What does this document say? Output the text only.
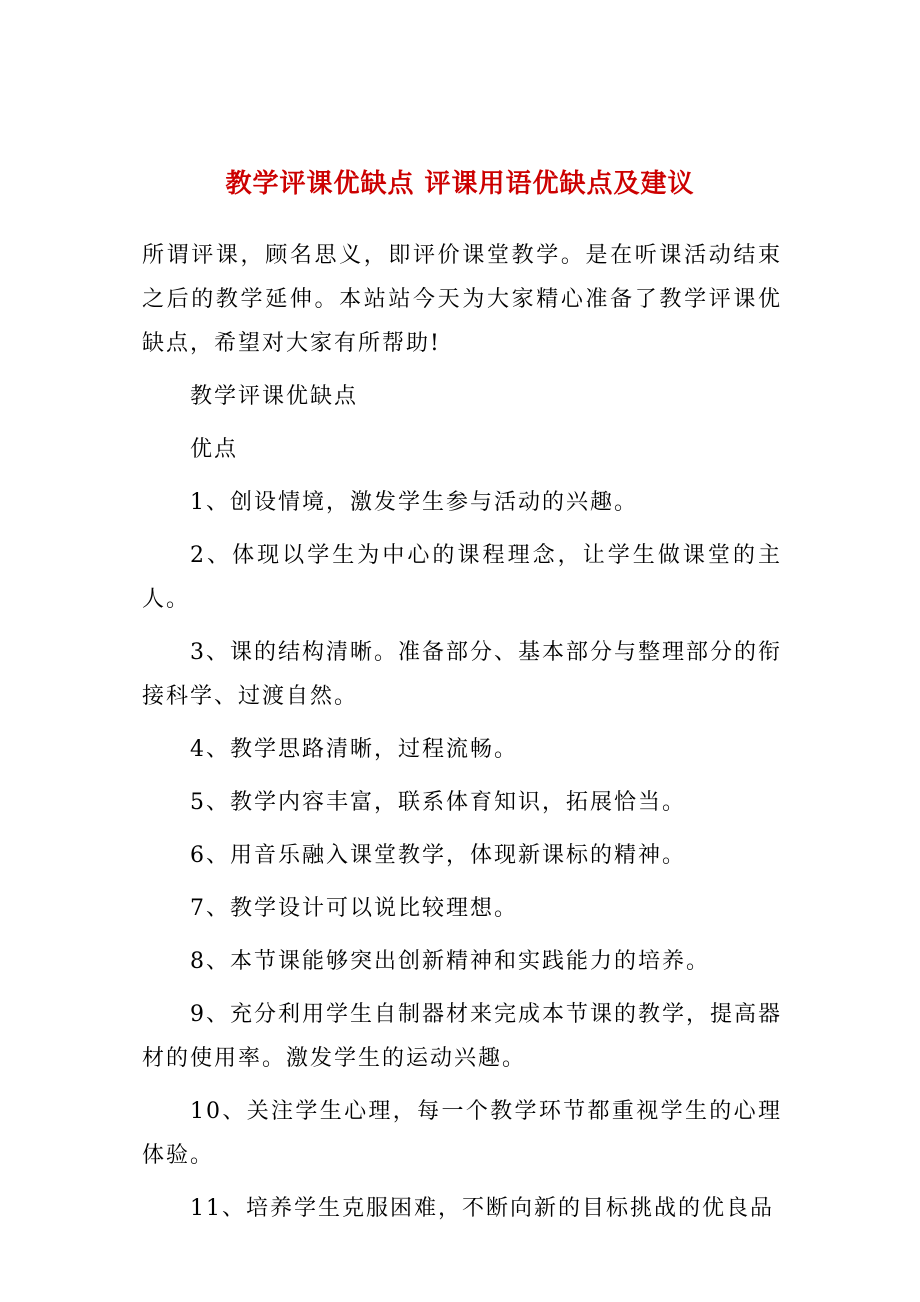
教学评课优缺点 评课用语优缺点及建议

所谓评课，顾名思义，即评价课堂教学。是在听课活动结束之后的教学延伸。本站站今天为大家精心准备了教学评课优缺点，希望对大家有所帮助!

教学评课优缺点

优点

1、创设情境，激发学生参与活动的兴趣。

2、体现以学生为中心的课程理念，让学生做课堂的主人。

3、课的结构清晰。准备部分、基本部分与整理部分的衔接科学、过渡自然。

4、教学思路清晰，过程流畅。

5、教学内容丰富，联系体育知识，拓展恰当。

6、用音乐融入课堂教学，体现新课标的精神。

7、教学设计可以说比较理想。

8、本节课能够突出创新精神和实践能力的培养。

9、充分利用学生自制器材来完成本节课的教学，提高器材的使用率。激发学生的运动兴趣。

10、关注学生心理，每一个教学环节都重视学生的心理体验。

11、培养学生克服困难，不断向新的目标挑战的优良品
